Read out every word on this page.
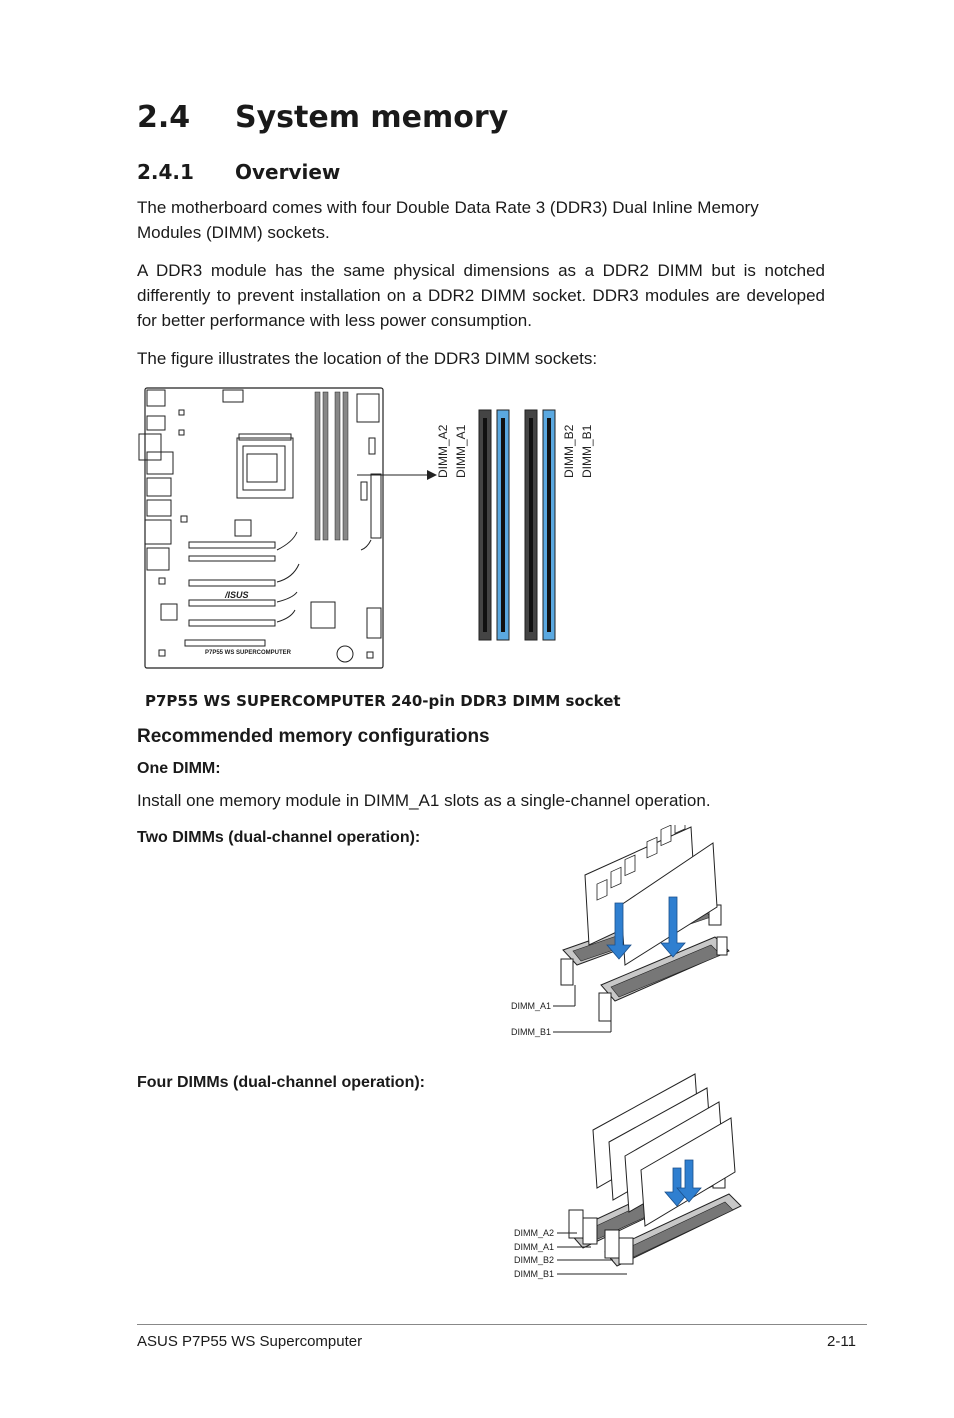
2.4 System memory
2.4.1 Overview
The motherboard comes with four Double Data Rate 3 (DDR3) Dual Inline Memory Modules (DIMM) sockets.
A DDR3 module has the same physical dimensions as a DDR2 DIMM but is notched differently to prevent installation on a DDR2 DIMM socket. DDR3 modules are developed for better performance with less power consumption.
The figure illustrates the location of the DDR3 DIMM sockets:
/ISUS
P7P55 WS SUPERCOMPUTER
DIMM_A2 DIMM_A1	DIMM_B2 DIMM_B1
P7P55 WS SUPERCOMPUTER 240-pin DDR3 DIMM socket
Recommended memory configurations
One DIMM:
Install one memory module in DIMM_A1 slots as a single-channel operation.
Two DIMMs (dual-channel operation):
DIMM_A1
DIMM_B1
Four DIMMs (dual-channel operation):
DIMM_A2
DIMM_A1
DIMM_B2
DIMM_B1
ASUS P7P55 WS Supercomputer	2-11
